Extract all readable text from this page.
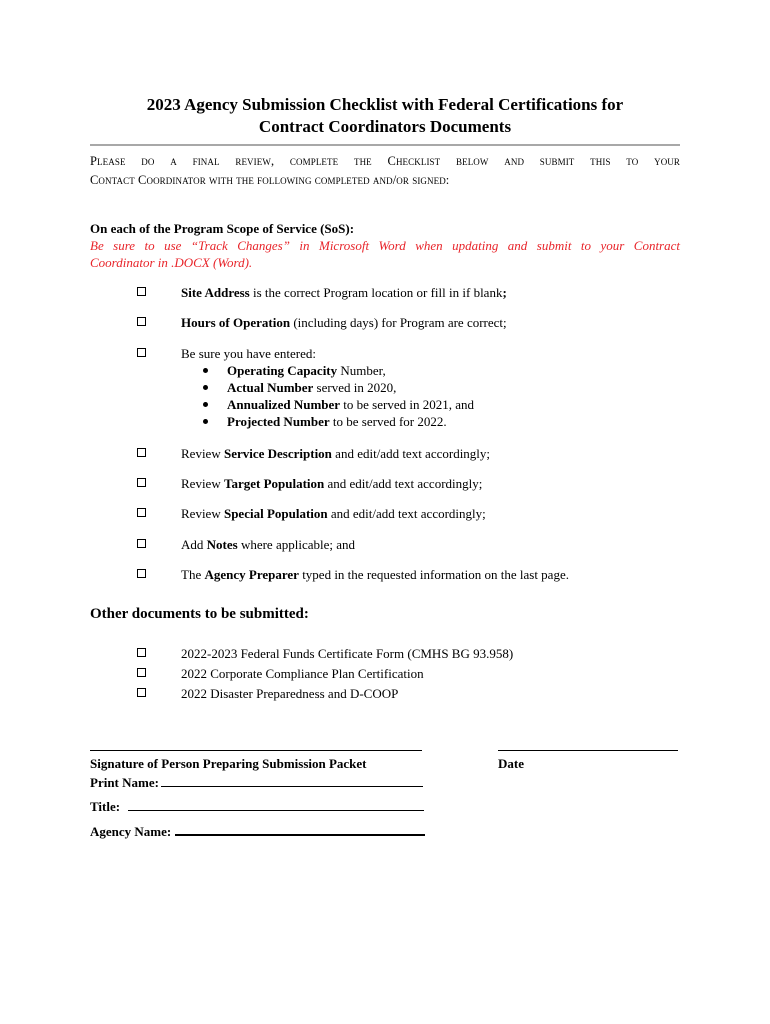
2023 Agency Submission Checklist with Federal Certifications for
Contract Coordinators Documents
Please do a final review, complete the Checklist below and submit this to your
Contact Coordinator with the following completed and/or signed:
On each of the Program Scope of Service (SoS):
Be sure to use “Track Changes” in Microsoft Word when updating and submit to your Contract
Coordinator in .DOCX (Word).
Site Address is the correct Program location or fill in if blank;
Hours of Operation (including days) for Program are correct;
Be sure you have entered:
Operating Capacity Number,
Actual Number served in 2020,
Annualized Number to be served in 2021, and
Projected Number to be served for 2022.
Review Service Description and edit/add text accordingly;
Review Target Population and edit/add text accordingly;
Review Special Population and edit/add text accordingly;
Add Notes where applicable; and
The Agency Preparer typed in the requested information on the last page.
Other documents to be submitted:
2022-2023 Federal Funds Certificate Form (CMHS BG 93.958)
2022 Corporate Compliance Plan Certification
2022 Disaster Preparedness and D-COOP
Signature of Person Preparing Submission Packet	Date
Print Name:
Title:
Agency Name:
